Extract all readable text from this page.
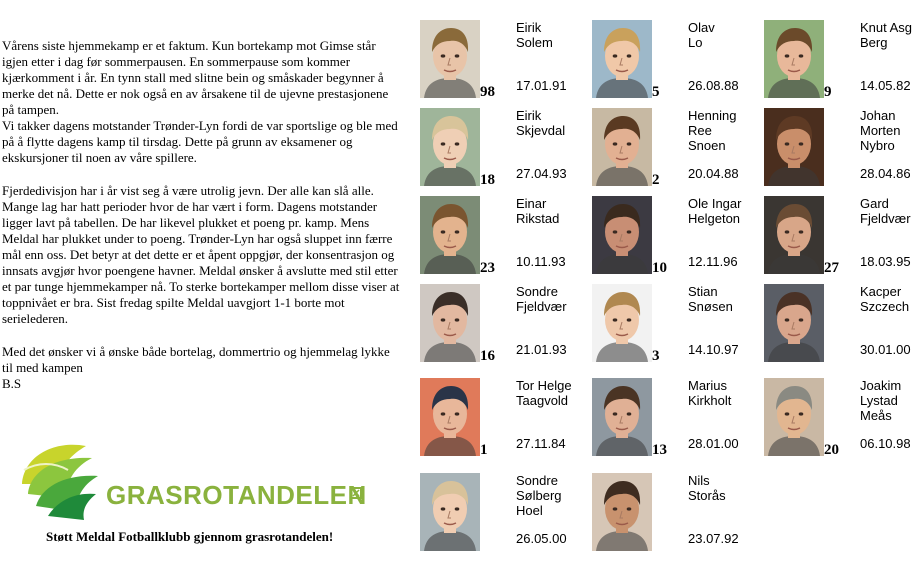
Vårens siste hjemmekamp er et faktum. Kun bortekamp mot Gimse står igjen etter i dag før sommerpausen. En sommerpause som kommer kjærkomment i år. En tynn stall med slitne bein og småskader begynner å merke det nå. Dette er nok også en av årsakene til de ujevne prestasjonene på tampen.

Vi takker dagens motstander Trønder-Lyn fordi de var sportslige og ble med på å flytte dagens kamp til tirsdag. Dette på grunn av eksamener og ekskursjoner til noen av våre spillere.

Fjerdedivisjon har i år vist seg å være utrolig jevn. Der alle kan slå alle. Mange lag har hatt perioder hvor de har vært i form. Dagens motstander ligger lavt på tabellen. De har likevel plukket et poeng pr. kamp. Mens Meldal har plukket under to poeng. Trønder-Lyn har også sluppet inn færre mål enn oss. Det betyr at det dette er et åpent oppgjør, der konsentrasjon og innsats avgjør hvor poengene havner. Meldal ønsker å avslutte med stil etter et par tunge hjemmekamper nå. To sterke bortekamper mellom disse viser at toppnivået er bra. Sist fredag spilte Meldal uavgjort 1-1 borte mot serielederen.

Med det ønsker vi å ønske både bortelag, dommertrio og hjemmelag lykke til med kampen

B.S

GRASROTANDELEN
Støtt Meldal Fotballklubb gjennom grasrotandelen!
98
Eirik
Solem
17.01.91	5
Olav
Lo
26.08.88	9
Knut Asg
Berg
14.05.82
18
Eirik
Skjevdal
27.04.93	2
Henning
Ree
Snoen
20.04.88
Johan
Morten
Nybro
28.04.86
23
Einar
Rikstad
10.11.93	10
Ole Ingar
Helgeton
12.11.96	27
Gard
Fjeldvær
18.03.95
16
Sondre
Fjeldvær
21.01.93	3
Stian
Snøsen
14.10.97
Kacper
Szczech
30.01.00
1
Tor Helge
Taagvold
27.11.84	13
Marius
Kirkholt
28.01.00	20
Joakim
Lystad
Meås
06.10.98
Sondre
Sølberg
Hoel
26.05.00
Nils
Storås
23.07.92
